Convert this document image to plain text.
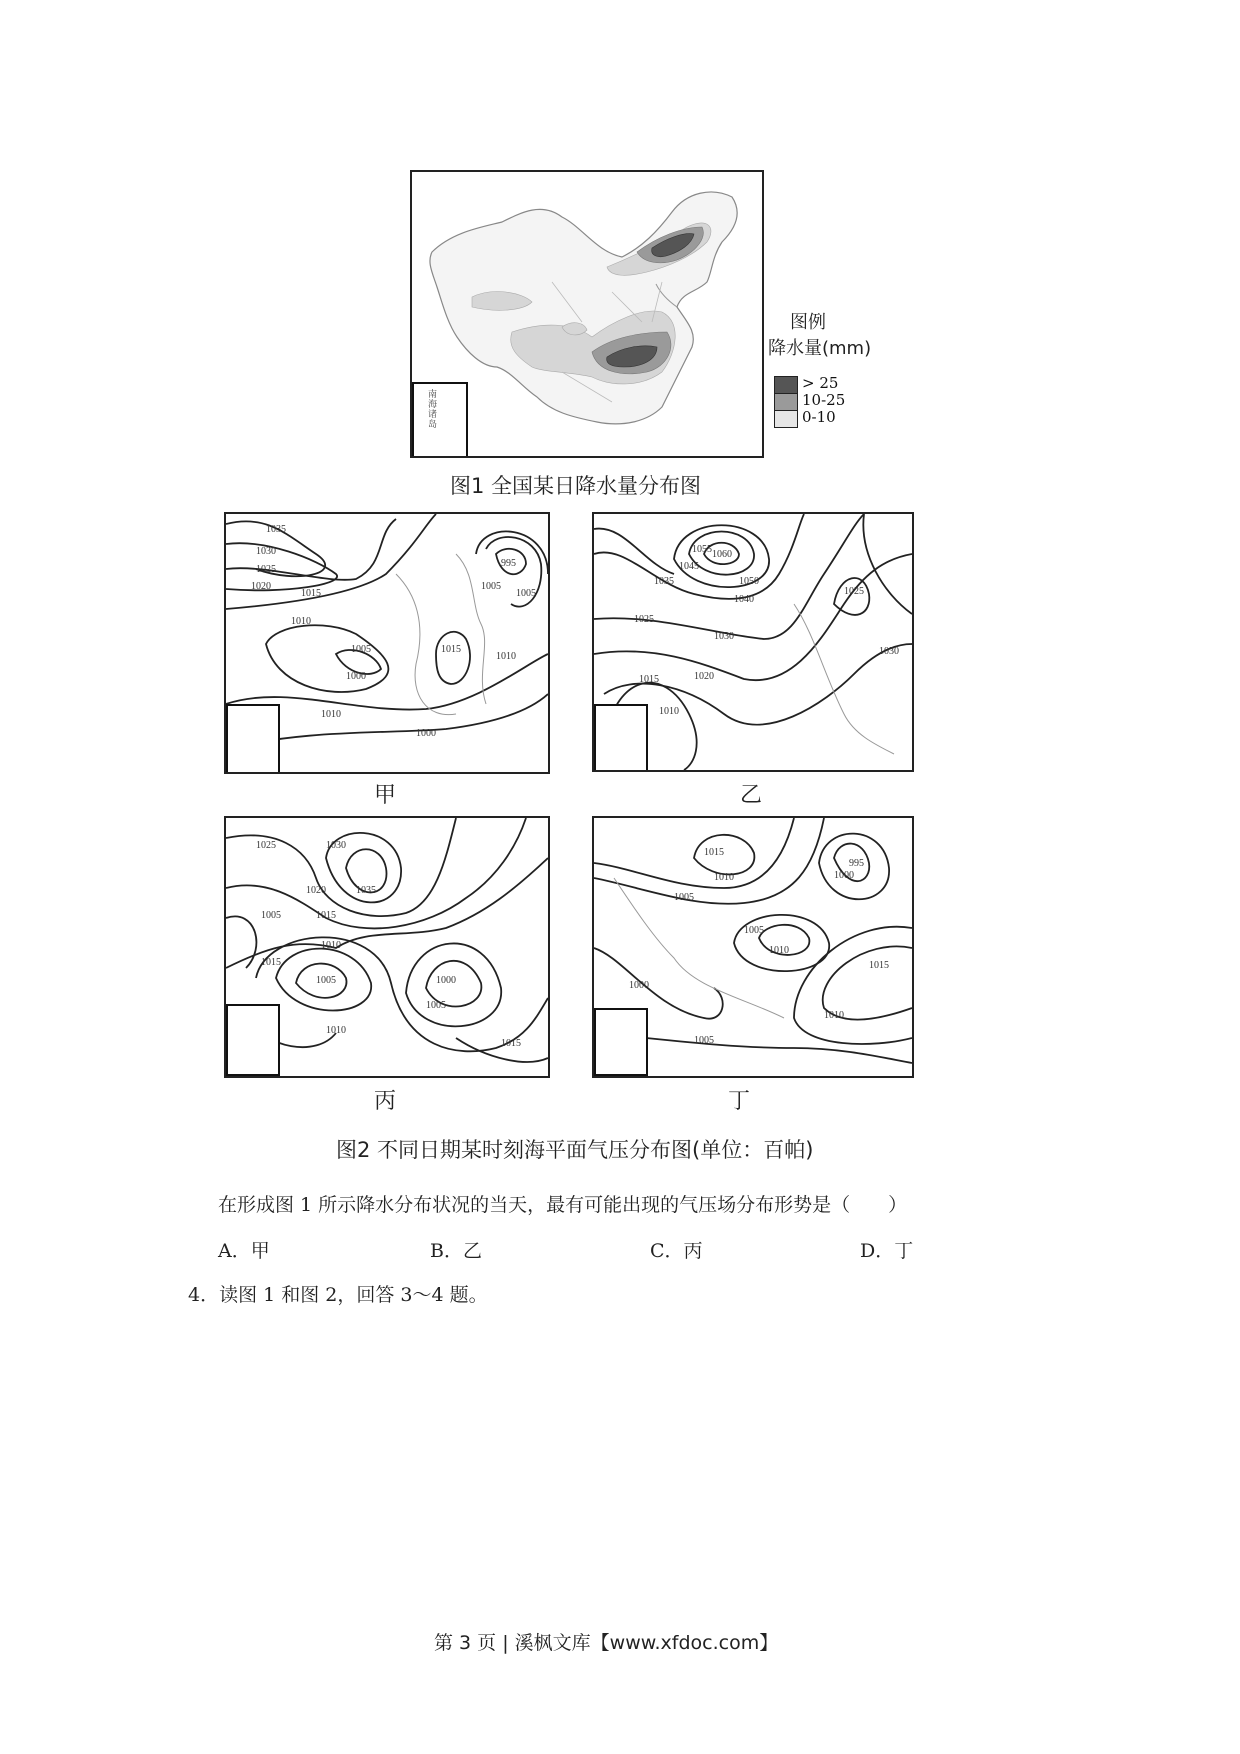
南海诸岛
图例
降水量(mm)
> 25
10-25
0-10
图1 全国某日降水量分布图
1035
1030
1025
1020
1015
1010
1005
1000
1015
1010
1005
995
1005
1000
1010
甲
1060
1055
1050
1045
1040
1035
1030
1025
1020
1015
1010
1025
1030
乙
1025	1030
1035
1020
1015
1005
1010
1005
1015
1000
1005
1010
1015
丙
1015
1010
1005
1000
995
1005
1010
1000
1005
1015
1010
丁
图2 不同日期某时刻海平面气压分布图(单位：百帕)
在形成图 1 所示降水分布状况的当天，最有可能出现的气压场分布形势是（　　）
A．甲	B．乙	C．丙	D．丁
4．读图 1 和图 2，回答 3～4 题。
第 3 页 | 溪枫文库【www.xfdoc.com】
